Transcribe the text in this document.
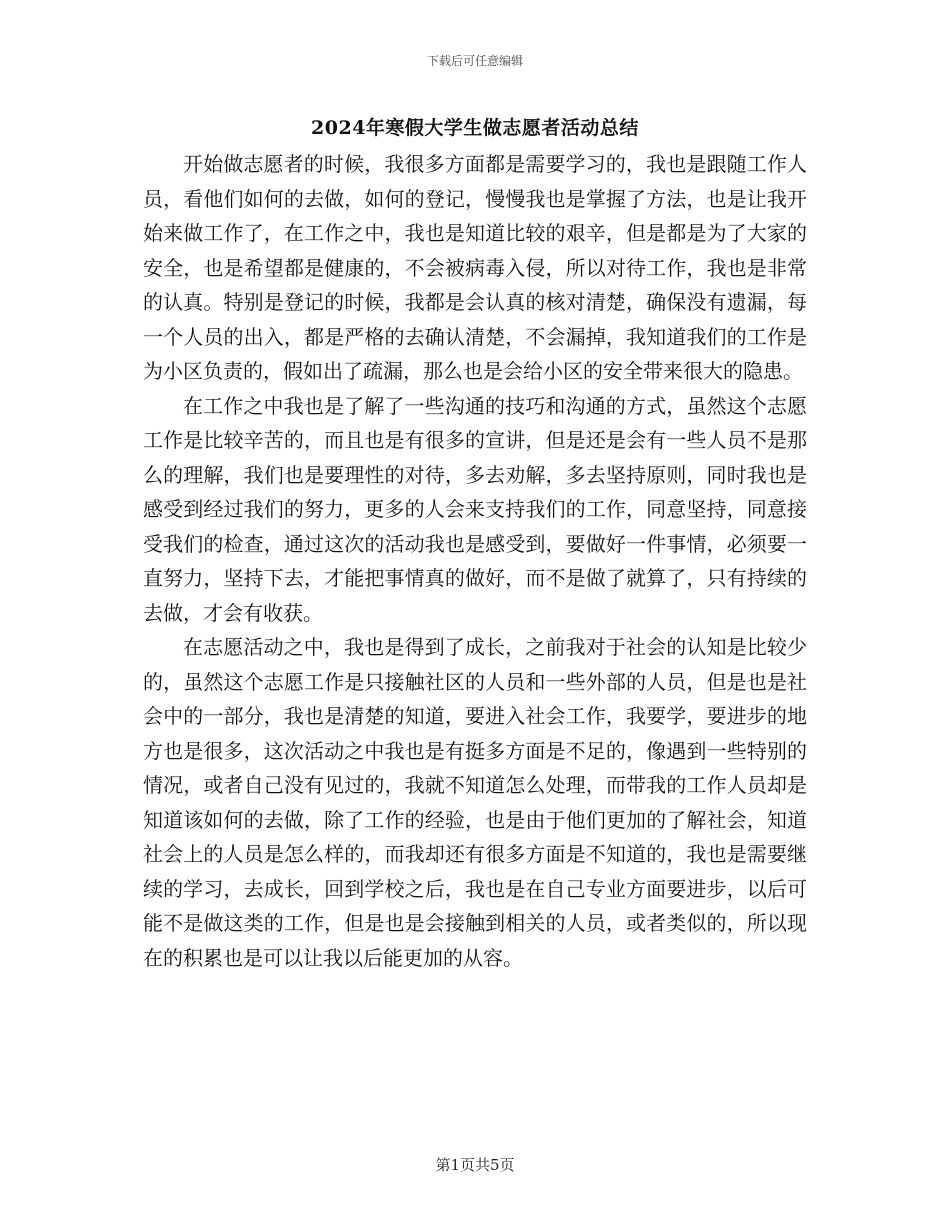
下载后可任意编辑
2024年寒假大学生做志愿者活动总结

开始做志愿者的时候，我很多方面都是需要学习的，我也是跟随工作人员，看他们如何的去做，如何的登记，慢慢我也是掌握了方法，也是让我开始来做工作了，在工作之中，我也是知道比较的艰辛，但是都是为了大家的安全，也是希望都是健康的，不会被病毒入侵，所以对待工作，我也是非常的认真。特别是登记的时候，我都是会认真的核对清楚，确保没有遗漏，每一个人员的出入，都是严格的去确认清楚，不会漏掉，我知道我们的工作是为小区负责的，假如出了疏漏，那么也是会给小区的安全带来很大的隐患。

在工作之中我也是了解了一些沟通的技巧和沟通的方式，虽然这个志愿工作是比较辛苦的，而且也是有很多的宣讲，但是还是会有一些人员不是那么的理解，我们也是要理性的对待，多去劝解，多去坚持原则，同时我也是感受到经过我们的努力，更多的人会来支持我们的工作，同意坚持，同意接受我们的检查，通过这次的活动我也是感受到，要做好一件事情，必须要一直努力，坚持下去，才能把事情真的做好，而不是做了就算了，只有持续的去做，才会有收获。

在志愿活动之中，我也是得到了成长，之前我对于社会的认知是比较少的，虽然这个志愿工作是只接触社区的人员和一些外部的人员，但是也是社会中的一部分，我也是清楚的知道，要进入社会工作，我要学，要进步的地方也是很多，这次活动之中我也是有挺多方面是不足的，像遇到一些特别的情况，或者自己没有见过的，我就不知道怎么处理，而带我的工作人员却是知道该如何的去做，除了工作的经验，也是由于他们更加的了解社会，知道社会上的人员是怎么样的，而我却还有很多方面是不知道的，我也是需要继续的学习，去成长，回到学校之后，我也是在自己专业方面要进步，以后可能不是做这类的工作，但是也是会接触到相关的人员，或者类似的，所以现在的积累也是可以让我以后能更加的从容。

第1页共5页
